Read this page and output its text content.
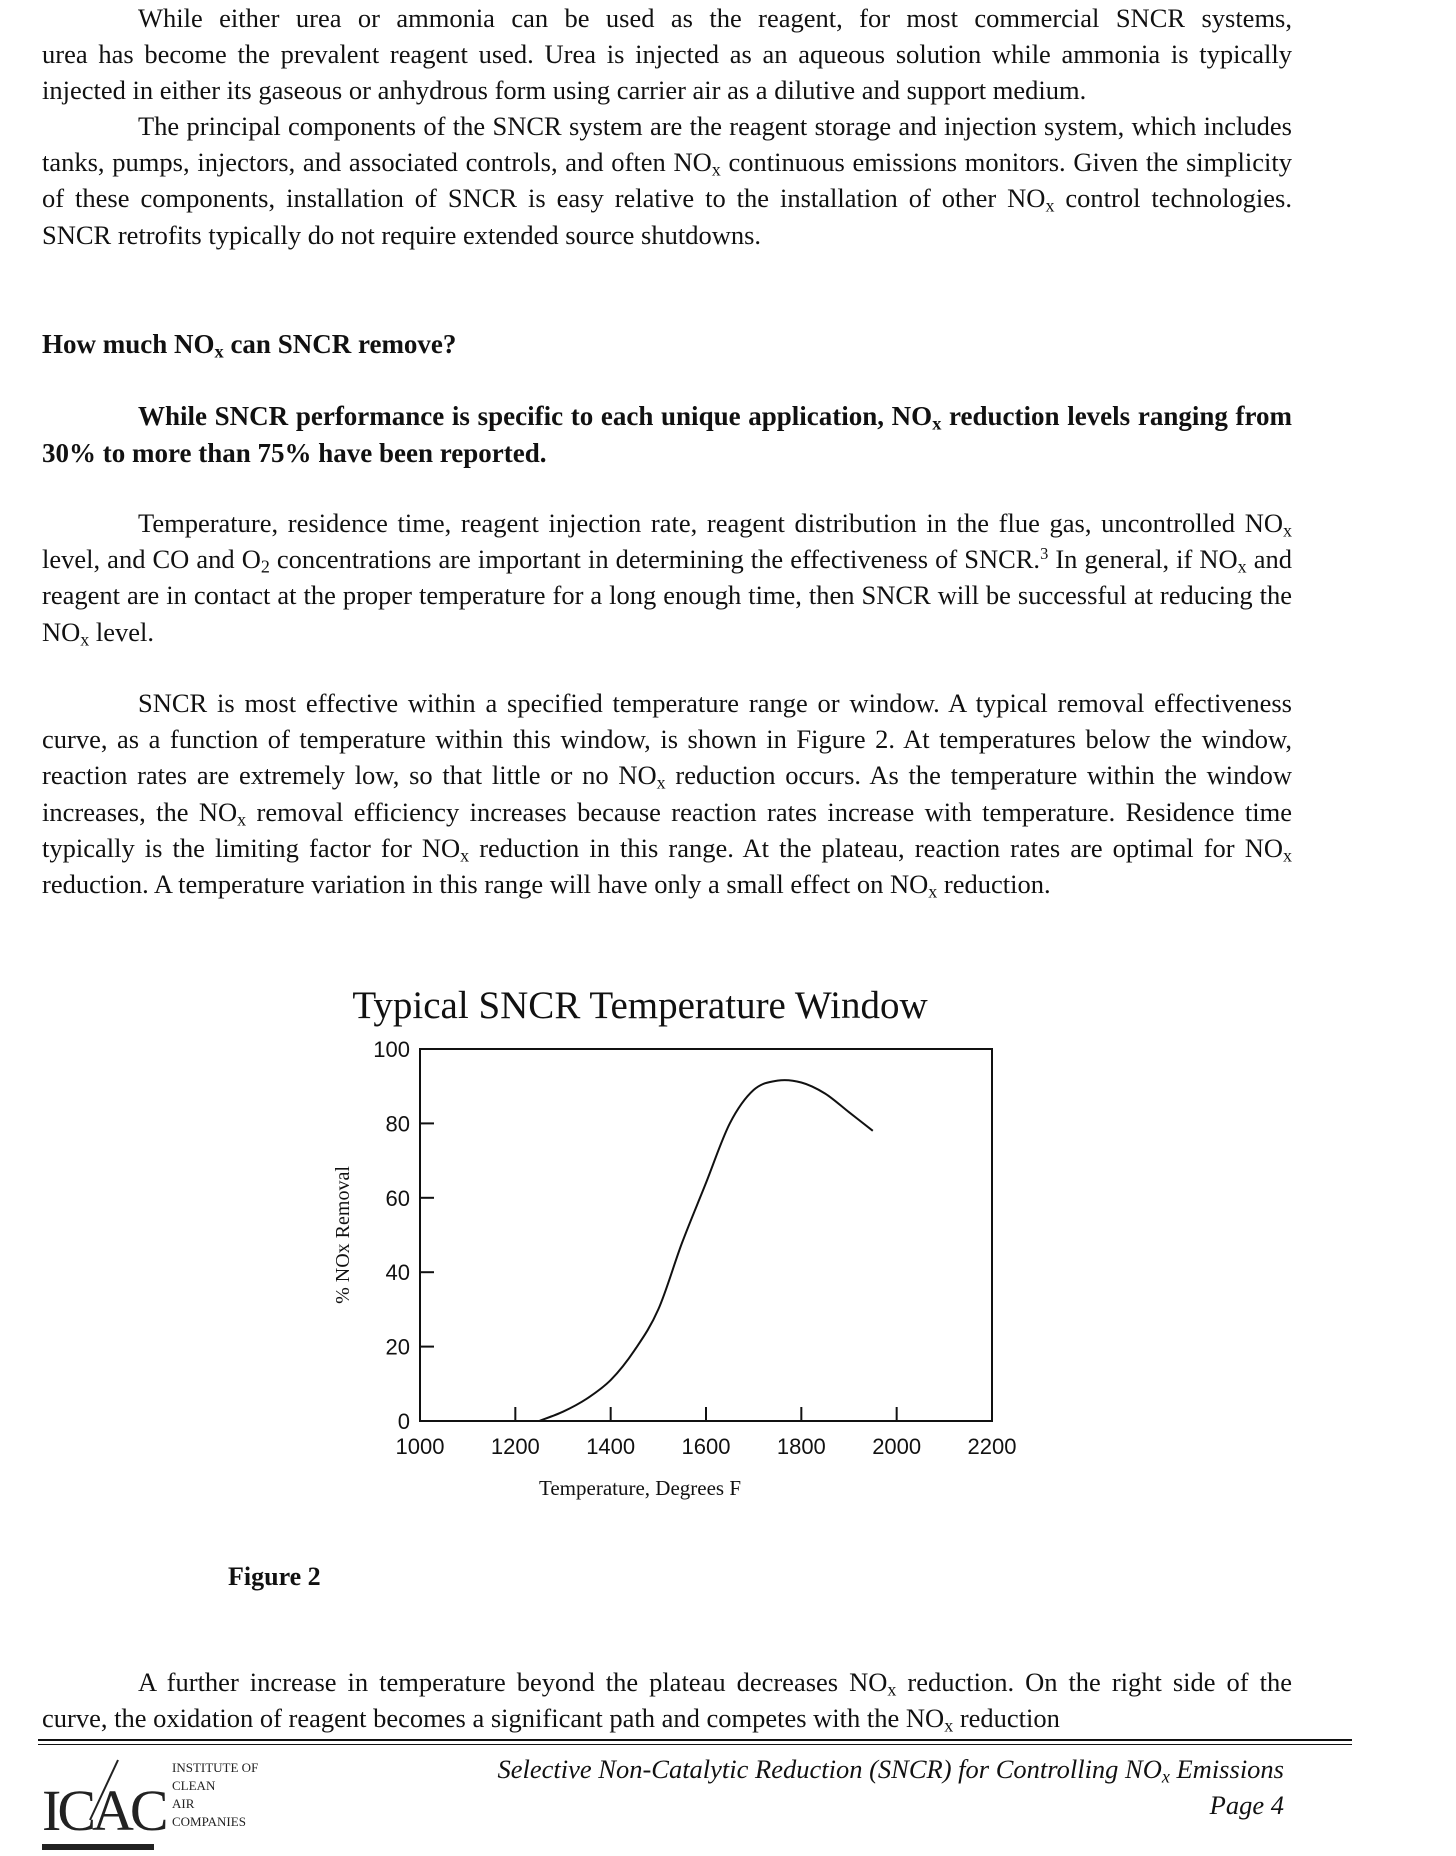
While either urea or ammonia can be used as the reagent, for most commercial SNCR systems,
urea has become the prevalent reagent used. Urea is injected as an aqueous solution while ammonia is typically injected in either its gaseous or anhydrous form using carrier air as a dilutive and support medium.

The principal components of the SNCR system are the reagent storage and injection system, which includes tanks, pumps, injectors, and associated controls, and often $NO_x$ continuous emissions monitors. Given the simplicity of these components, installation of SNCR is easy relative to the installation of other $NO_x$ control technologies. SNCR retrofits typically do not require extended source shutdowns.

How much $NO_x$ can SNCR remove?

While SNCR performance is specific to each unique application, $NO_x$ reduction levels ranging from 30% to more than 75% have been reported.

Temperature, residence time, reagent injection rate, reagent distribution in the flue gas, uncontrolled $NO_x$ level, and CO and $O_2$ concentrations are important in determining the effectiveness of SNCR.$^3$ In general, if $NO_x$ and reagent are in contact at the proper temperature for a long enough time, then SNCR will be successful at reducing the $NO_x$ level.

SNCR is most effective within a specified temperature range or window. A typical removal effectiveness curve, as a function of temperature within this window, is shown in Figure 2. At temperatures below the window, reaction rates are extremely low, so that little or no $NO_x$ reduction occurs. As the temperature within the window increases, the $NO_x$ removal efficiency increases because reaction rates increase with temperature. Residence time typically is the limiting factor for $NO_x$ reduction in this range. At the plateau, reaction rates are optimal for $NO_x$ reduction. A temperature variation in this range will have only a small effect on $NO_x$ reduction.

Typical SNCR Temperature Window
0
20
40
60
80
100
1000 1200 1400 1600 1800 2000 2200
Temperature, Degrees F
% NOx Removal

Figure 2

A further increase in temperature beyond the plateau decreases $NO_x$ reduction. On the right side of the curve, the oxidation of reagent becomes a significant path and competes with the $NO_x$ reduction

ICAC
INSTITUTE OF
CLEAN
AIR
COMPANIES

Selective Non-Catalytic Reduction (SNCR) for Controlling $NO_x$ Emissions

Page 4
